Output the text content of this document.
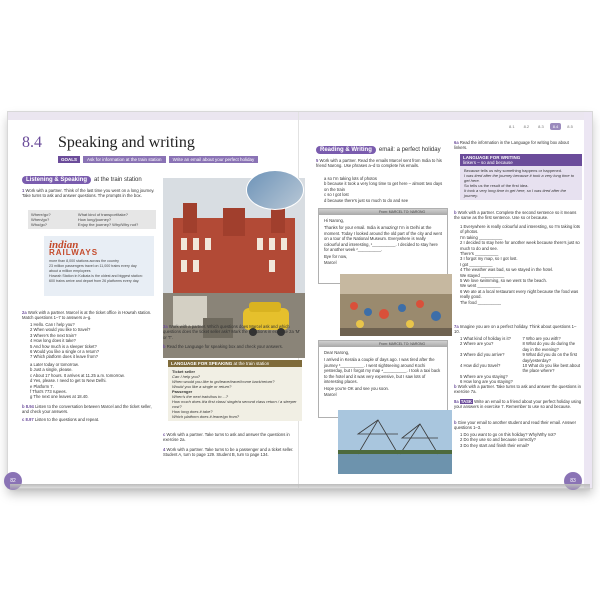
8.1	8.2	8.3	8.4	8.5
8.4 Speaking and writing
GOALS	Ask for information at the train station	Write an email about your perfect holiday
Listening & Speaking	at the train station
1 Work with a partner. Think of the last time you went on a long journey. Take turns to ask and answer questions. The prompts in the box.
Where/go?	What kind of transport/take?
When/go?	How long/journey?
Who/go?	Enjoy the journey? Why/Why not?
indian
RAILWAYS
more than 8,000 stations across the country
23 million passengers travel on 11,000 trains every day
about a million employees
Howrah Station in Kolkata is the oldest and biggest station: 600 trains arrive and depart from 26 platforms every day.
2a Work with a partner. Marcel is at the ticket office in Howrah station. Match questions 1–7 to answers a–g.
1 Hello. Can I help you?
2 When would you like to travel?
3 Where's the next train?
4 How long does it take?
5 And how much is a sleeper ticket?
6 Would you like a single or a return?
7 Which platform does it leave from?
a Later today or tomorrow.
b Just a single, please.
c About 17 hours. It arrives at 11.25 a.m. tomorrow.
d Yes, please. I need to get to New Delhi.
e Platform 7.
f That's 773 rupees.
g The next one leaves at 18.40.
b 8.94 Listen to the conversation between Marcel and the ticket seller, and check your answers.
c 8.97 Listen to the questions and repeat.
3a Work with a partner. Which questions does Marcel ask and which questions does the ticket seller ask? Mark the questions in exercise 2a 'M' or 'T'.
b Read the Language for speaking box and check your answers.
LANGUAGE FOR SPEAKING at the train station
Ticket seller
Can I help you?
When would you like to go/leave/travel/come back/return?
Would you like a single or return?
Passenger
When's the next train/bus to ...?
How much does it/a first class/ single/a second class return / a sleeper cost?
How long does it take?
Which platform does it leave/go from?
c Work with a partner. Take turns to ask and answer the questions in exercise 2a.
4 Work with a partner. Take turns to be a passenger and a ticket seller. Student A, turn to page 129. Student B, turn to page 134.
82
Reading & Writing	email: a perfect holiday
5 Work with a partner. Read the emails Marcel sent from India to his friend Narong. Use phrases a–d to complete his emails.
a so I'm taking lots of photos
b because it took a very long time to get here – almost two days on the train
c so I got lost
d because there's just so much to do and see
From: MARCEL TO: NARONG
Hi Narong,
Thanks for your email. India is amazing! I'm in Delhi at the moment. Today I looked around the old part of the city and went on a tour of the National Museum. Everywhere is really colourful and interesting, ¹__________. I decided to stay here for another week ²__________.
Bye for now,
Marcel
From: MARCEL TO: NARONG
Dear Narong,
I arrived in Kerala a couple of days ago. I was tired after the journey ³__________. I went sightseeing around Kochi yesterday, but I forgot my map ⁴__________. I took a taxi back to the hotel and it was very expensive, but I saw lots of interesting places.
Hope you're OK and see you soon.
Marcel
6a Read the information in the Language for writing box about linkers.
LANGUAGE FOR WRITING
linkers – so and because
Because tells us why something happens or happened.
I was tired after the journey because it took a very long time to get here.
So tells us the result of the first idea.
It took a very long time to get here, so I was tired after the journey.
b Work with a partner. Complete the second sentence so it means the same as the first sentence. Use so or because.
1 Everywhere is really colourful and interesting, so I'm taking lots of photos.
I'm taking __________
2 I decided to stay here for another week because there's just so much to do and see.
There's __________
3 I forgot my map, so I got lost.
I got __________
4 The weather was bad, so we stayed in the hotel.
We stayed __________
5 We love swimming, so we went to the beach.
We went __________
6 We ate at a local restaurant every night because the food was really good.
The food __________
7a Imagine you are on a perfect holiday. Think about questions 1–10.
1 What kind of holiday is it?	7 Who are you with?
2 Where are you?	8 What do you do during the day in the evening?
3 Where did you arrive?	9 What did you do on the first day/yesterday?
4 How did you travel?	10 What do you like best about the place where?
5 Where are you staying?
6 How long are you staying?
b Work with a partner. Take turns to ask and answer the questions in exercise 7a.
8a TASK Write an email to a friend about your perfect holiday using your answers in exercise 7. Remember to use so and because.
b Give your email to another student and read their email. Answer questions 1–3.
1 Do you want to go on this holiday? Why/Why not?
2 Do they use so and because correctly?
3 Do they start and finish their email?
83
